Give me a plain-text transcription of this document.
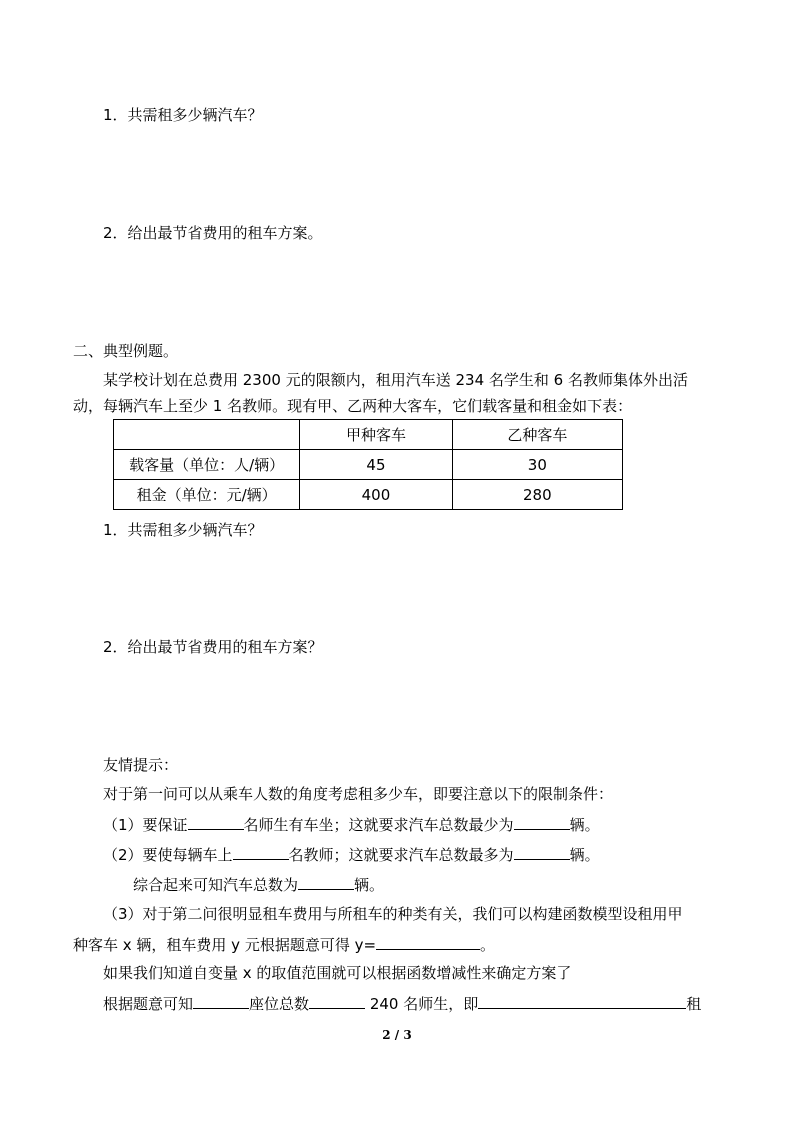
1．共需租多少辆汽车？
2．给出最节省费用的租车方案。
二、典型例题。
某学校计划在总费用 2300 元的限额内，租用汽车送 234 名学生和 6 名教师集体外出活
动，每辆汽车上至少 1 名教师。现有甲、乙两种大客车，它们载客量和租金如下表：
	甲种客车	乙种客车
载客量（单位：人/辆）	45	30
租金（单位：元/辆）	400	280
1．共需租多少辆汽车？
2．给出最节省费用的租车方案？
友情提示：
对于第一问可以从乘车人数的角度考虑租多少车，即要注意以下的限制条件：
（1）要保证	名师生有车坐；这就要求汽车总数最少为	辆。
（2）要使每辆车上	名教师；这就要求汽车总数最多为	辆。
综合起来可知汽车总数为	辆。
（3）对于第二问很明显租车费用与所租车的种类有关，我们可以构建函数模型设租用甲
种客车 x 辆，租车费用 y 元根据题意可得 y=	。
如果我们知道自变量 x 的取值范围就可以根据函数增减性来确定方案了
根据题意可知	座位总数	240 名师生，即	租
2 / 3
